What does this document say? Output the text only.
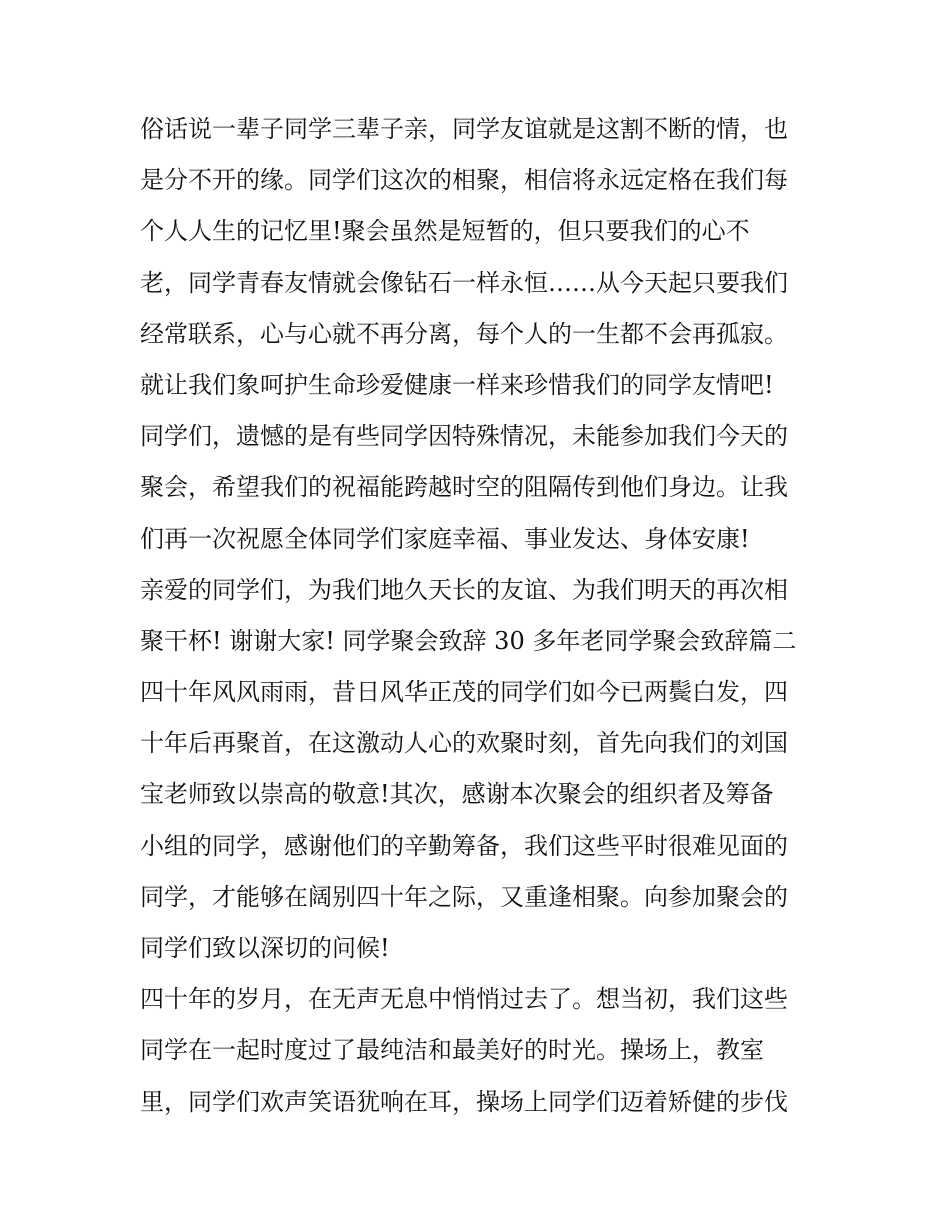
俗话说一辈子同学三辈子亲，同学友谊就是这割不断的情，也
是分不开的缘。同学们这次的相聚，相信将永远定格在我们每
个人人生的记忆里!聚会虽然是短暂的，但只要我们的心不
老，同学青春友情就会像钻石一样永恒……从今天起只要我们
经常联系，心与心就不再分离，每个人的一生都不会再孤寂。
就让我们象呵护生命珍爱健康一样来珍惜我们的同学友情吧!
同学们，遗憾的是有些同学因特殊情况，未能参加我们今天的
聚会，希望我们的祝福能跨越时空的阻隔传到他们身边。让我
们再一次祝愿全体同学们家庭幸福、事业发达、身体安康!
亲爱的同学们，为我们地久天长的友谊、为我们明天的再次相
聚干杯! 谢谢大家! 同学聚会致辞 30 多年老同学聚会致辞篇二
四十年风风雨雨，昔日风华正茂的同学们如今已两鬓白发，四
十年后再聚首，在这激动人心的欢聚时刻，首先向我们的刘国
宝老师致以崇高的敬意!其次，感谢本次聚会的组织者及筹备
小组的同学，感谢他们的辛勤筹备，我们这些平时很难见面的
同学，才能够在阔别四十年之际，又重逢相聚。向参加聚会的
同学们致以深切的问候!
四十年的岁月，在无声无息中悄悄过去了。想当初，我们这些
同学在一起时度过了最纯洁和最美好的时光。操场上，教室
里，同学们欢声笑语犹响在耳，操场上同学们迈着矫健的步伐
